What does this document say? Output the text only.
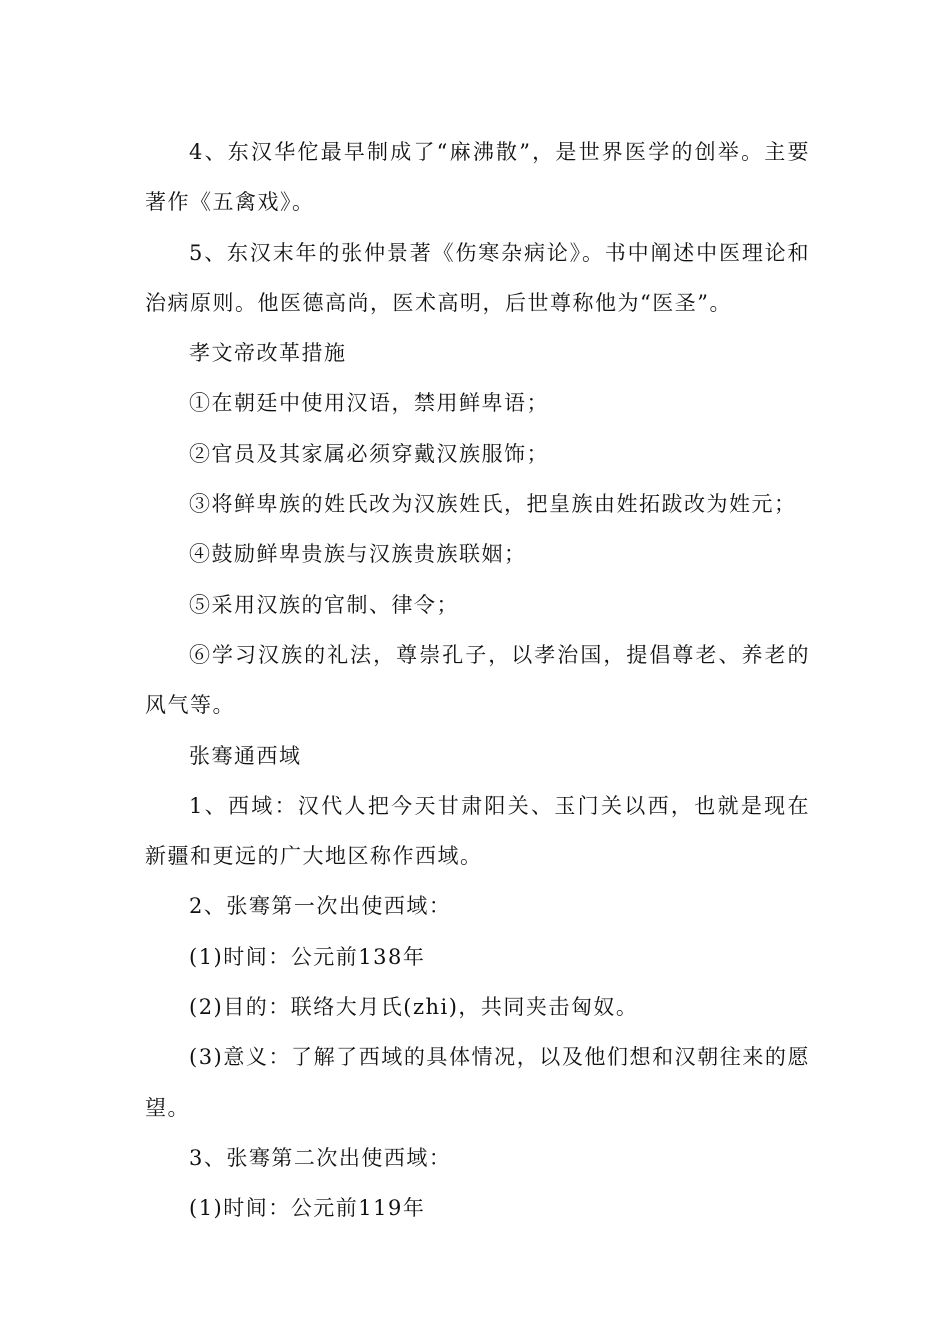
4、东汉华佗最早制成了“麻沸散”，是世界医学的创举。主要著作《五禽戏》。

5、东汉末年的张仲景著《伤寒杂病论》。书中阐述中医理论和治病原则。他医德高尚，医术高明，后世尊称他为“医圣”。

孝文帝改革措施

①在朝廷中使用汉语，禁用鲜卑语；

②官员及其家属必须穿戴汉族服饰；

③将鲜卑族的姓氏改为汉族姓氏，把皇族由姓拓跋改为姓元；

④鼓励鲜卑贵族与汉族贵族联姻；

⑤采用汉族的官制、律令；

⑥学习汉族的礼法，尊崇孔子，以孝治国，提倡尊老、养老的风气等。

张骞通西域

1、西域：汉代人把今天甘肃阳关、玉门关以西，也就是现在新疆和更远的广大地区称作西域。

2、张骞第一次出使西域：

(1)时间：公元前138年

(2)目的：联络大月氏(zhi)，共同夹击匈奴。

(3)意义：了解了西域的具体情况，以及他们想和汉朝往来的愿望。

3、张骞第二次出使西域：

(1)时间：公元前119年
